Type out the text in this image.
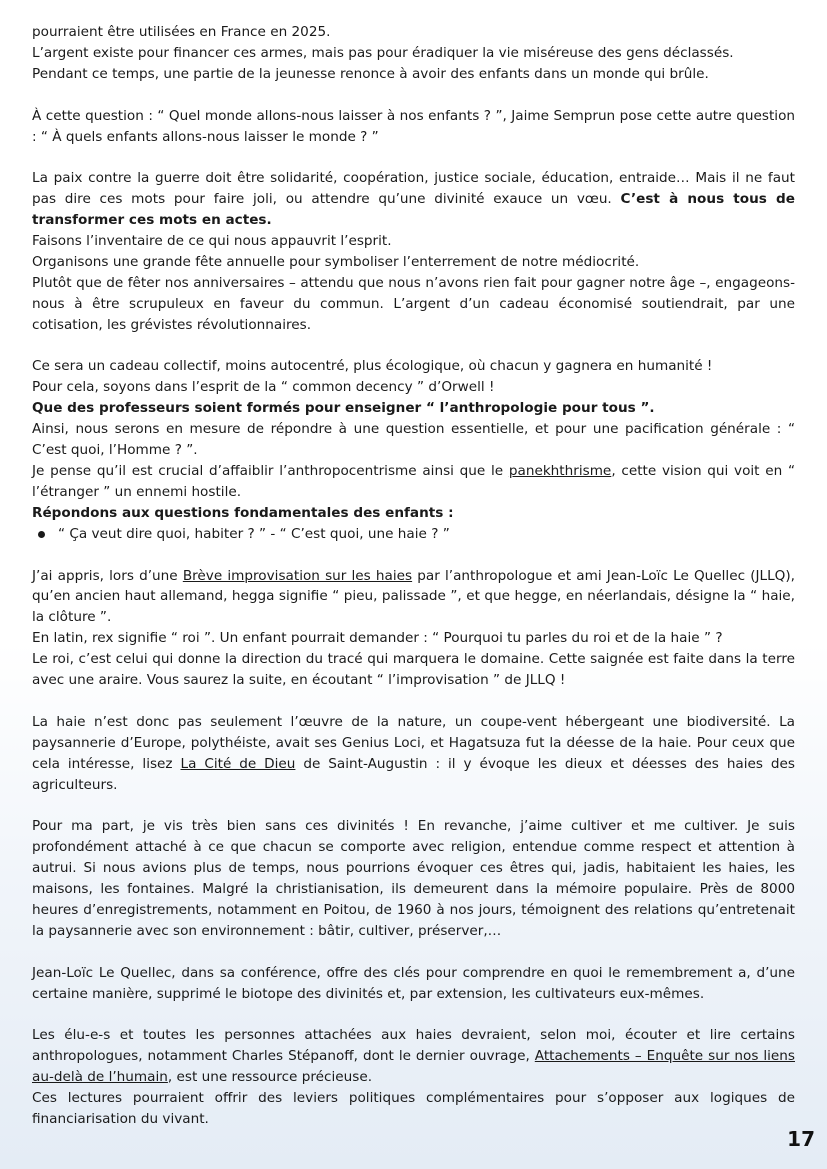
pourraient être utilisées en France en 2025.

L’argent existe pour financer ces armes, mais pas pour éradiquer la vie miséreuse des gens déclassés.

Pendant ce temps, une partie de la jeunesse renonce à avoir des enfants dans un monde qui brûle.

À cette question : “ Quel monde allons-nous laisser à nos enfants ? ”, Jaime Semprun pose cette autre question : “ À quels enfants allons-nous laisser le monde ? ”

La paix contre la guerre doit être solidarité, coopération, justice sociale, éducation, entraide… Mais il ne faut pas dire ces mots pour faire joli, ou attendre qu’une divinité exauce un vœu. C’est à nous tous de transformer ces mots en actes.

Faisons l’inventaire de ce qui nous appauvrit l’esprit.

Organisons une grande fête annuelle pour symboliser l’enterrement de notre médiocrité.

Plutôt que de fêter nos anniversaires – attendu que nous n’avons rien fait pour gagner notre âge –, engageons-nous à être scrupuleux en faveur du commun. L’argent d’un cadeau économisé soutiendrait, par une cotisation, les grévistes révolutionnaires.

Ce sera un cadeau collectif, moins autocentré, plus écologique, où chacun y gagnera en humanité !

Pour cela, soyons dans l’esprit de la “ common decency ” d’Orwell !

Que des professeurs soient formés pour enseigner “ l’anthropologie pour tous ”.

Ainsi, nous serons en mesure de répondre à une question essentielle, et pour une pacification générale : “ C’est quoi, l’Homme ? ”.

Je pense qu’il est crucial d’affaiblir l’anthropocentrisme ainsi que le panekhthrisme, cette vision qui voit en “ l’étranger ” un ennemi hostile.

Répondons aux questions fondamentales des enfants :

“ Ça veut dire quoi, habiter ? ” - “ C’est quoi, une haie ? ”

J’ai appris, lors d’une Brève improvisation sur les haies par l’anthropologue et ami Jean-Loïc Le Quellec (JLLQ), qu’en ancien haut allemand, hegga signifie “ pieu, palissade ”, et que hegge, en néerlandais, désigne la “ haie, la clôture ”.

En latin, rex signifie “ roi ”. Un enfant pourrait demander : “ Pourquoi tu parles du roi et de la haie ” ?

Le roi, c’est celui qui donne la direction du tracé qui marquera le domaine. Cette saignée est faite dans la terre avec une araire. Vous saurez la suite, en écoutant “ l’improvisation ” de JLLQ !

La haie n’est donc pas seulement l’œuvre de la nature, un coupe-vent hébergeant une biodiversité. La paysannerie d’Europe, polythéiste, avait ses Genius Loci, et Hagatsuza fut la déesse de la haie. Pour ceux que cela intéresse, lisez La Cité de Dieu de Saint-Augustin : il y évoque les dieux et déesses des haies des agriculteurs.

Pour ma part, je vis très bien sans ces divinités ! En revanche, j’aime cultiver et me cultiver. Je suis profondément attaché à ce que chacun se comporte avec religion, entendue comme respect et attention à autrui. Si nous avions plus de temps, nous pourrions évoquer ces êtres qui, jadis, habitaient les haies, les maisons, les fontaines. Malgré la christianisation, ils demeurent dans la mémoire populaire. Près de 8000 heures d’enregistrements, notamment en Poitou, de 1960 à nos jours, témoignent des relations qu’entretenait la paysannerie avec son environnement : bâtir, cultiver, préserver,…

Jean-Loïc Le Quellec, dans sa conférence, offre des clés pour comprendre en quoi le remembrement a, d’une certaine manière, supprimé le biotope des divinités et, par extension, les cultivateurs eux-mêmes.

Les élu-e-s et toutes les personnes attachées aux haies devraient, selon moi, écouter et lire certains anthropologues, notamment Charles Stépanoff, dont le dernier ouvrage, Attachements – Enquête sur nos liens au-delà de l’humain, est une ressource précieuse.

Ces lectures pourraient offrir des leviers politiques complémentaires pour s’opposer aux logiques de financiarisation du vivant.

17
